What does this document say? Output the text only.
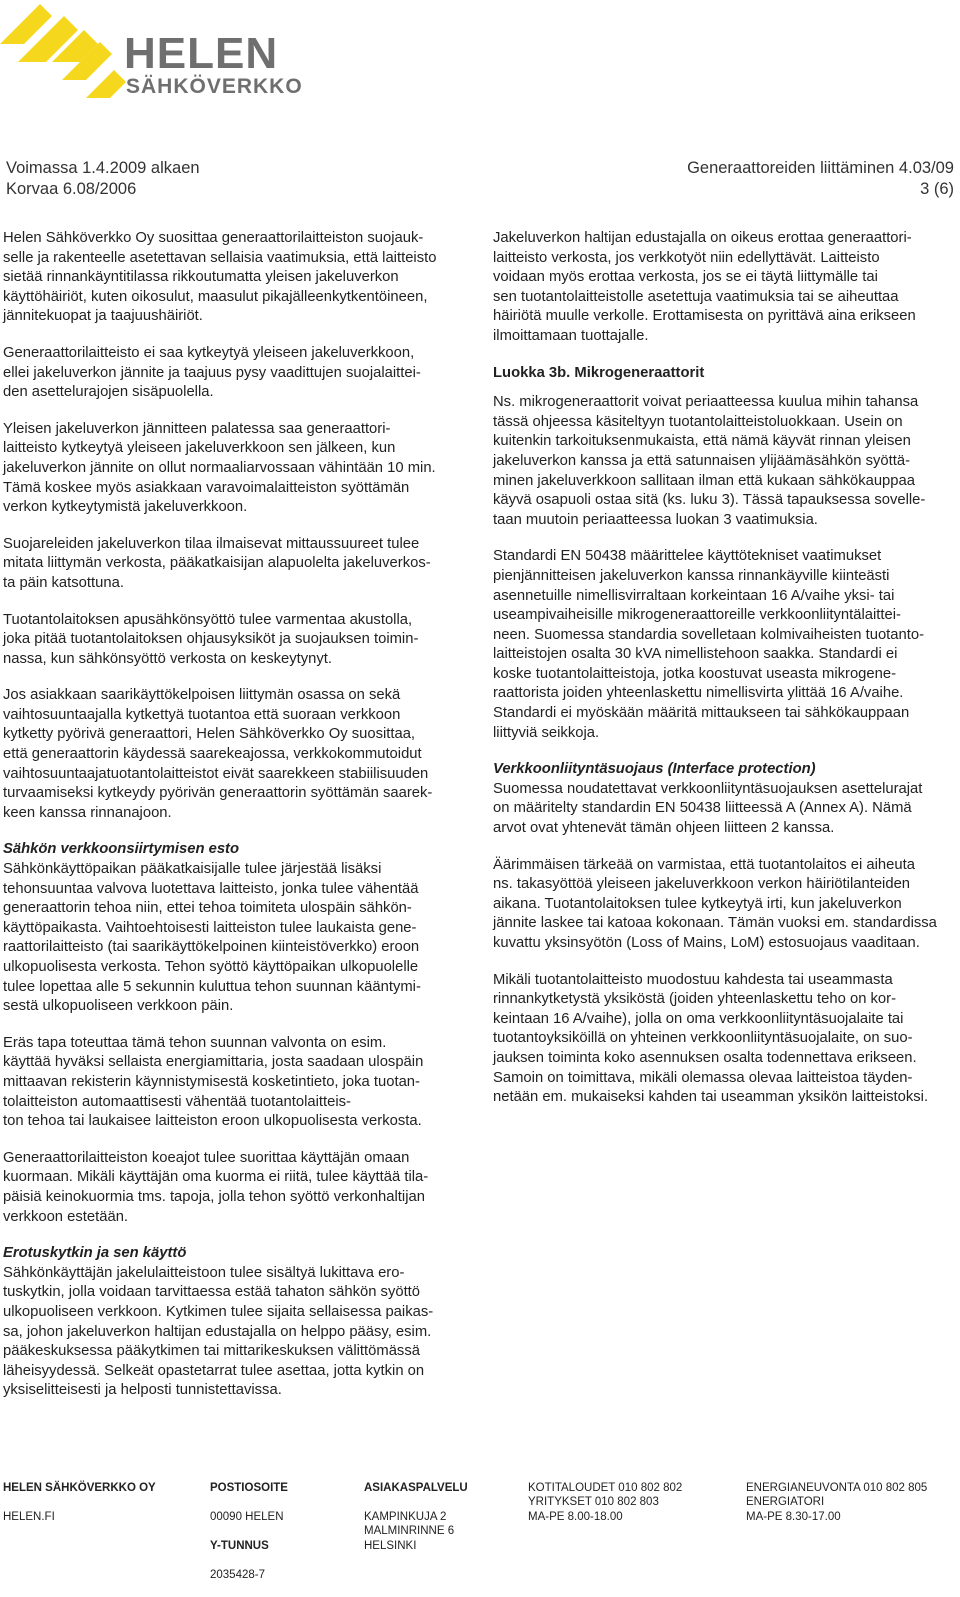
HELEN
SÄHKÖVERKKO
Voimassa 1.4.2009 alkaen
Korvaa 6.08/2006
Generaattoreiden liittäminen 4.03/09
3 (6)

Helen Sähköverkko Oy suosittaa generaattorilaitteiston suojauk-
selle ja rakenteelle asetettavan sellaisia vaatimuksia, että laitteisto
sietää rinnankäyntitilassa rikkoutumatta yleisen jakeluverkon
käyttöhäiriöt, kuten oikosulut, maasulut pikajälleenkytkentöineen,
jännitekuopat ja taajuushäiriöt.

Generaattorilaitteisto ei saa kytkeytyä yleiseen jakeluverkkoon,
ellei jakeluverkon jännite ja taajuus pysy vaadittujen suojalaittei-
den asettelurajojen sisäpuolella.

Yleisen jakeluverkon jännitteen palatessa saa generaattori-
laitteisto kytkeytyä yleiseen jakeluverkkoon sen jälkeen, kun
jakeluverkon jännite on ollut normaaliarvossaan vähintään 10 min.
Tämä koskee myös asiakkaan varavoimalaitteiston syöttämän
verkon kytkeytymistä jakeluverkkoon.

Suojareleiden jakeluverkon tilaa ilmaisevat mittaussuureet tulee
mitata liittymän verkosta, pääkatkaisijan alapuolelta jakeluverkos-
ta päin katsottuna.

Tuotantolaitoksen apusähkönsyöttö tulee varmentaa akustolla,
joka pitää tuotantolaitoksen ohjausyksiköt ja suojauksen toimin-
nassa, kun sähkönsyöttö verkosta on keskeytynyt.

Jos asiakkaan saarikäyttökelpoisen liittymän osassa on sekä
vaihtosuuntaajalla kytkettyä tuotantoa että suoraan verkkoon
kytketty pyörivä generaattori, Helen Sähköverkko Oy suosittaa,
että generaattorin käydessä saarekeajossa, verkkokommutoidut
vaihtosuuntaajatuotantolaitteistot eivät saarekkeen stabiilisuuden
turvaamiseksi kytkeydy pyörivän generaattorin syöttämän saarek-
keen kanssa rinnanajoon.

Sähkön verkkoonsiirtymisen esto

Sähkönkäyttöpaikan pääkatkaisijalle tulee järjestää lisäksi
tehonsuuntaa valvova luotettava laitteisto, jonka tulee vähentää
generaattorin tehoa niin, ettei tehoa toimiteta ulospäin sähkön-
käyttöpaikasta. Vaihtoehtoisesti laitteiston tulee laukaista gene-
raattorilaitteisto (tai saarikäyttökelpoinen kiinteistöverkko) eroon
ulkopuolisesta verkosta. Tehon syöttö käyttöpaikan ulkopuolelle
tulee lopettaa alle 5 sekunnin kuluttua tehon suunnan kääntymi-
sestä ulkopuoliseen verkkoon päin.

Eräs tapa toteuttaa tämä tehon suunnan valvonta on esim.
käyttää hyväksi sellaista energiamittaria, josta saadaan ulospäin
mittaavan rekisterin käynnistymisestä kosketintieto, joka tuotan-
tolaitteiston automaattisesti vähentää tuotantolaitteis-
ton tehoa tai laukaisee laitteiston eroon ulkopuolisesta verkosta.

Generaattorilaitteiston koeajot tulee suorittaa käyttäjän omaan
kuormaan. Mikäli käyttäjän oma kuorma ei riitä, tulee käyttää tila-
päisiä keinokuormia tms. tapoja, jolla tehon syöttö verkonhaltijan
verkkoon estetään.

Erotuskytkin ja sen käyttö

Sähkönkäyttäjän jakelulaitteistoon tulee sisältyä lukittava ero-
tuskytkin, jolla voidaan tarvittaessa estää tahaton sähkön syöttö
ulkopuoliseen verkkoon. Kytkimen tulee sijaita sellaisessa paikas-
sa, johon jakeluverkon haltijan edustajalla on helppo pääsy, esim.
pääkeskuksessa pääkytkimen tai mittarikeskuksen välittömässä
läheisyydessä. Selkeät opastetarrat tulee asettaa, jotta kytkin on
yksiselitteisesti ja helposti tunnistettavissa.

Jakeluverkon haltijan edustajalla on oikeus erottaa generaattori-
laitteisto verkosta, jos verkkotyöt niin edellyttävät. Laitteisto
voidaan myös erottaa verkosta, jos se ei täytä liittymälle tai
sen tuotantolaitteistolle asetettuja vaatimuksia tai se aiheuttaa
häiriötä muulle verkolle. Erottamisesta on pyrittävä aina erikseen
ilmoittamaan tuottajalle.

Luokka 3b. Mikrogeneraattorit

Ns. mikrogeneraattorit voivat periaatteessa kuulua mihin tahansa
tässä ohjeessa käsiteltyyn tuotantolaitteistoluokkaan. Usein on
kuitenkin tarkoituksenmukaista, että nämä käyvät rinnan yleisen
jakeluverkon kanssa ja että satunnaisen ylijäämäsähkön syöttä-
minen jakeluverkkoon sallitaan ilman että kukaan sähkökauppaa
käyvä osapuoli ostaa sitä (ks. luku 3). Tässä tapauksessa sovelle-
taan muutoin periaatteessa luokan 3 vaatimuksia.

Standardi EN 50438 määrittelee käyttötekniset vaatimukset
pienjännitteisen jakeluverkon kanssa rinnankäyville kiinteästi
asennetuille nimellisvirraltaan korkeintaan 16 A/vaihe yksi- tai
useampivaiheisille mikrogeneraattoreille verkkoonliityntälaittei-
neen. Suomessa standardia sovelletaan kolmivaiheisten tuotanto-
laitteistojen osalta 30 kVA nimellistehoon saakka. Standardi ei
koske tuotantolaitteistoja, jotka koostuvat useasta mikrogene-
raattorista joiden yhteenlaskettu nimellisvirta ylittää 16 A/vaihe.
Standardi ei myöskään määritä mittaukseen tai sähkökauppaan
liittyviä seikkoja.

Verkkoonliityntäsuojaus (Interface protection)

Suomessa noudatettavat verkkoonliityntäsuojauksen asettelurajat
on määritelty standardin EN 50438 liitteessä A (Annex A). Nämä
arvot ovat yhtenevät tämän ohjeen liitteen 2 kanssa.

Äärimmäisen tärkeää on varmistaa, että tuotantolaitos ei aiheuta
ns. takasyöttöä yleiseen jakeluverkkoon verkon häiriötilanteiden
aikana. Tuotantolaitoksen tulee kytkeytyä irti, kun jakeluverkon
jännite laskee tai katoaa kokonaan. Tämän vuoksi em. standardissa
kuvattu yksinsyötön (Loss of Mains, LoM) estosuojaus vaaditaan.

Mikäli tuotantolaitteisto muodostuu kahdesta tai useammasta
rinnankytketystä yksiköstä (joiden yhteenlaskettu teho on kor-
keintaan 16 A/vaihe), jolla on oma verkkoonliityntäsuojalaite tai
tuotantoyksiköillä on yhteinen verkkoonliityntäsuojalaite, on suo-
jauksen toiminta koko asennuksen osalta todennettava erikseen.
Samoin on toimittava, mikäli olemassa olevaa laitteistoa täyden-
netään em. mukaiseksi kahden tai useamman yksikön laitteistoksi.

HELEN SÄHKÖVERKKO OY

HELEN.FI

POSTIOSOITE

00090 HELEN

Y-TUNNUS

2035428-7

ASIAKASPALVELU

KAMPINKUJA 2
MALMINRINNE 6
HELSINKI

KOTITALOUDET 010 802 802
YRITYKSET 010 802 803
MA-PE 8.00-18.00
ENERGIANEUVONTA 010 802 805
ENERGIATORI
MA-PE 8.30-17.00
